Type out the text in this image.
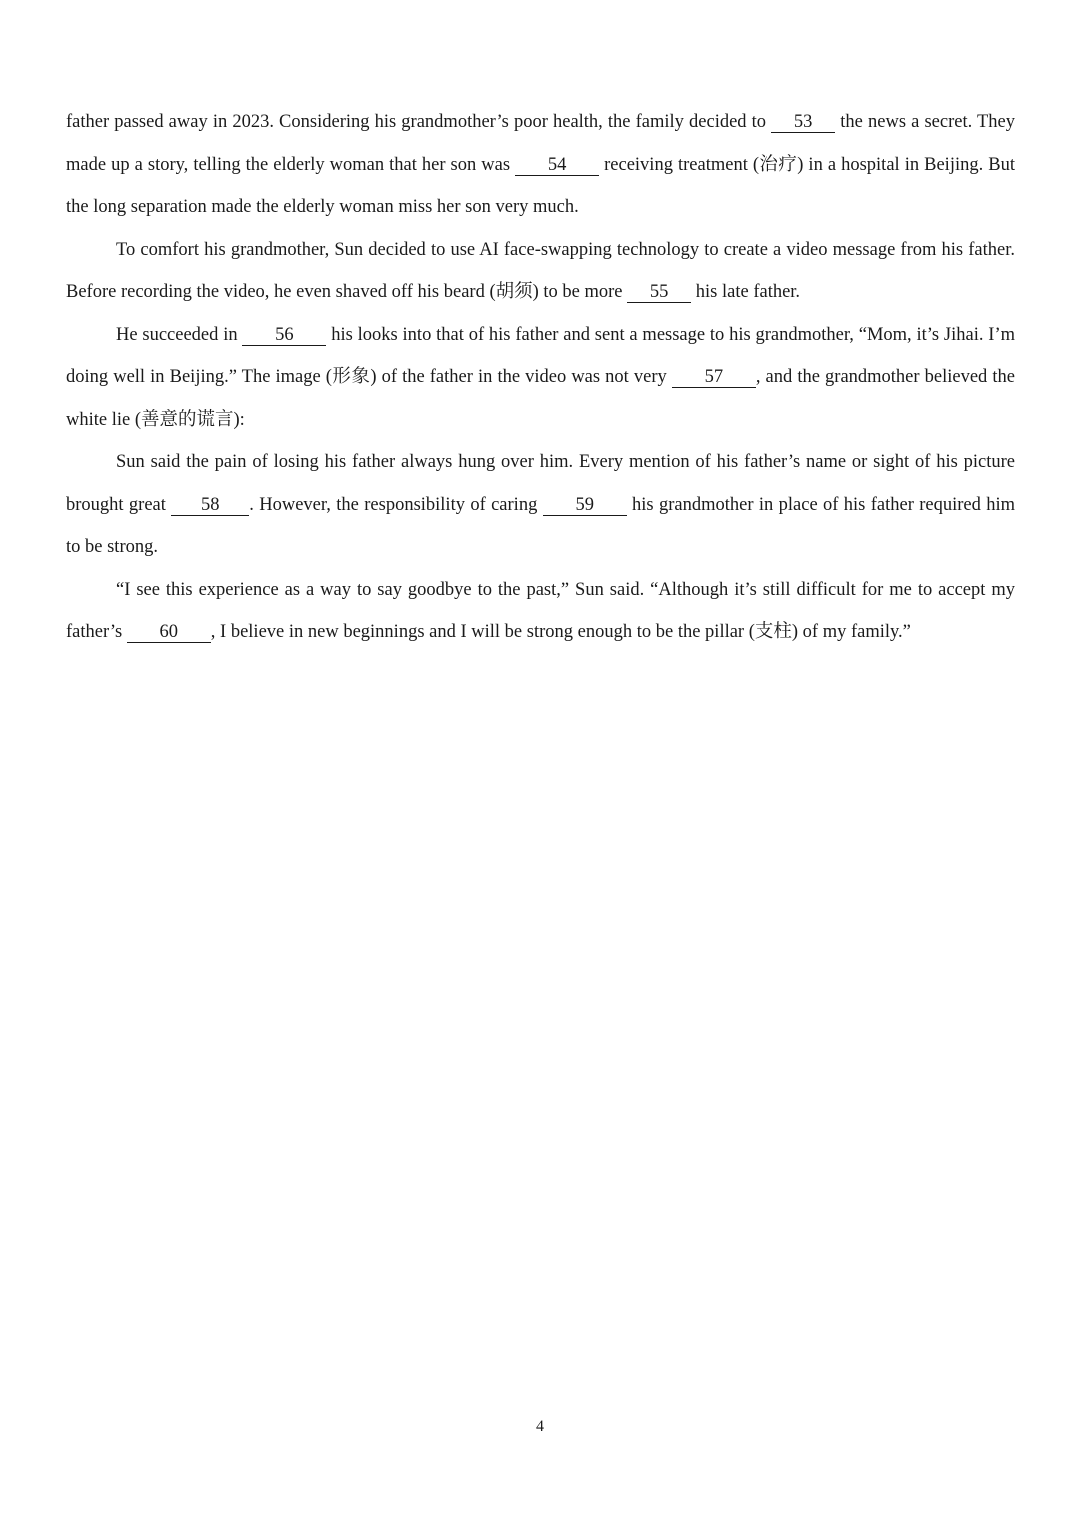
father passed away in 2023. Considering his grandmother’s poor health, the family decided to 53 the news a secret. They made up a story, telling the elderly woman that her son was 54 receiving treatment (治疗) in a hospital in Beijing. But the long separation made the elderly woman miss her son very much.

To comfort his grandmother, Sun decided to use AI face-swapping technology to create a video message from his father. Before recording the video, he even shaved off his beard (胡须) to be more 55 his late father.

He succeeded in 56 his looks into that of his father and sent a message to his grandmother, “Mom, it’s Jihai. I’m doing well in Beijing.” The image (形象) of the father in the video was not very 57 , and the grandmother believed the white lie (善意的谎言):

Sun said the pain of losing his father always hung over him. Every mention of his father’s name or sight of his picture brought great 58 . However, the responsibility of caring 59 his grandmother in place of his father required him to be strong.

“I see this experience as a way to say goodbye to the past,” Sun said. “Although it’s still difficult for me to accept my father’s 60 , I believe in new beginnings and I will be strong enough to be the pillar (支柱) of my family.”

4
